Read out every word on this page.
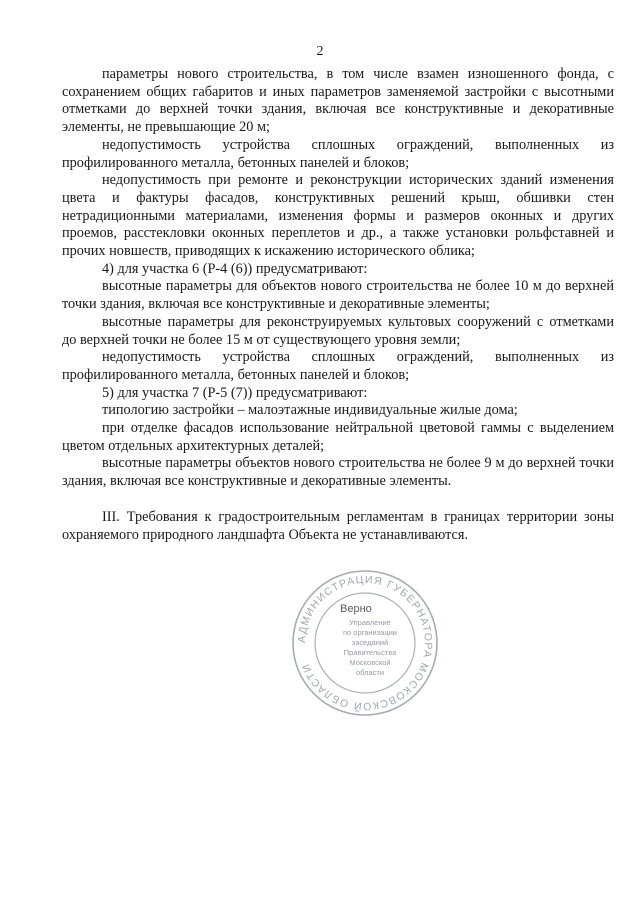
2

параметры нового строительства, в том числе взамен изношенного фонда, с сохранением общих габаритов и иных параметров заменяемой застройки с высотными отметками до верхней точки здания, включая все конструктивные и декоративные элементы, не превышающие 20 м;

недопустимость устройства сплошных ограждений, выполненных из профилированного металла, бетонных панелей и блоков;

недопустимость при ремонте и реконструкции исторических зданий изменения цвета и фактуры фасадов, конструктивных решений крыш, обшивки стен нетрадиционными материалами, изменения формы и размеров оконных и других проемов, расстекловки оконных переплетов и др., а также установки рольфставней и прочих новшеств, приводящих к искажению исторического облика;

4) для участка 6 (Р-4 (6)) предусматривают:

высотные параметры для объектов нового строительства не более 10 м до верхней точки здания, включая все конструктивные и декоративные элементы;

высотные параметры для реконструируемых культовых сооружений с отметками до верхней точки не более 15 м от существующего уровня земли;

недопустимость устройства сплошных ограждений, выполненных из профилированного металла, бетонных панелей и блоков;

5) для участка 7 (Р-5 (7)) предусматривают:

типологию застройки – малоэтажные индивидуальные жилые дома;

при отделке фасадов использование нейтральной цветовой гаммы с выделением цветом отдельных архитектурных деталей;

высотные параметры объектов нового строительства не более 9 м до верхней точки здания, включая все конструктивные и декоративные элементы.

III. Требования к градостроительным регламентам в границах территории зоны охраняемого природного ландшафта Объекта не устанавливаются.

АДМИНИСТРАЦИЯ ГУБЕРНАТОРА МОСКОВСКОЙ ОБЛАСТИ
Верно
Управление
по организации
заседаний
Правительства
Московской
области
